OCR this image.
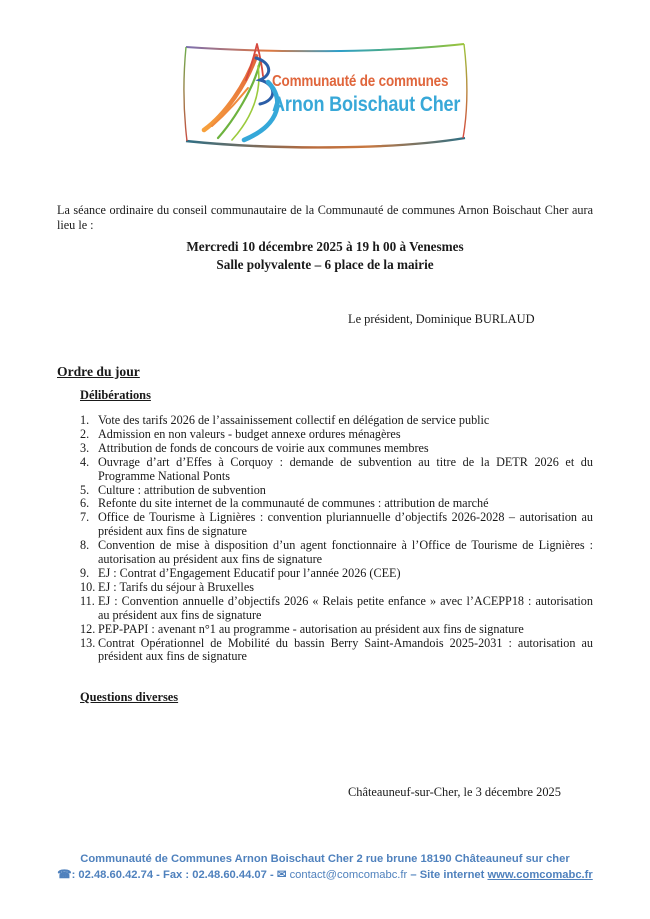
Communauté de communes
Arnon Boischaut Cher

La séance ordinaire du conseil communautaire de la Communauté de communes Arnon Boischaut Cher aura lieu le :

Mercredi 10 décembre 2025 à 19 h 00 à Venesmes
Salle polyvalente – 6 place de la mairie
Le président, Dominique BURLAUD
Ordre du jour
Délibérations
Vote des tarifs 2026 de l’assainissement collectif en délégation de service public
Admission en non valeurs - budget annexe ordures ménagères
Attribution de fonds de concours de voirie aux communes membres
Ouvrage d’art d’Effes à Corquoy : demande de subvention au titre de la DETR 2026 et du Programme National Ponts
Culture : attribution de subvention
Refonte du site internet de la communauté de communes : attribution de marché
Office de Tourisme à Lignières : convention pluriannuelle d’objectifs 2026-2028 – autorisation au président aux fins de signature
Convention de mise à disposition d’un agent fonctionnaire à l’Office de Tourisme de Lignières : autorisation au président aux fins de signature
EJ : Contrat d’Engagement Educatif pour l’année 2026 (CEE)
EJ : Tarifs du séjour à Bruxelles
EJ : Convention annuelle d’objectifs 2026 « Relais petite enfance » avec l’ACEPP18 : autorisation au président aux fins de signature
PEP-PAPI : avenant n°1 au programme - autorisation au président aux fins de signature
Contrat Opérationnel de Mobilité du bassin Berry Saint-Amandois 2025-2031 : autorisation au président aux fins de signature
Questions diverses
Châteauneuf-sur-Cher, le 3 décembre 2025
Communauté de Communes Arnon Boischaut Cher 2 rue brune 18190 Châteauneuf sur cher
☎: 02.48.60.42.74 - Fax : 02.48.60.44.07 - ✉ contact@comcomabc.fr – Site internet www.comcomabc.fr
